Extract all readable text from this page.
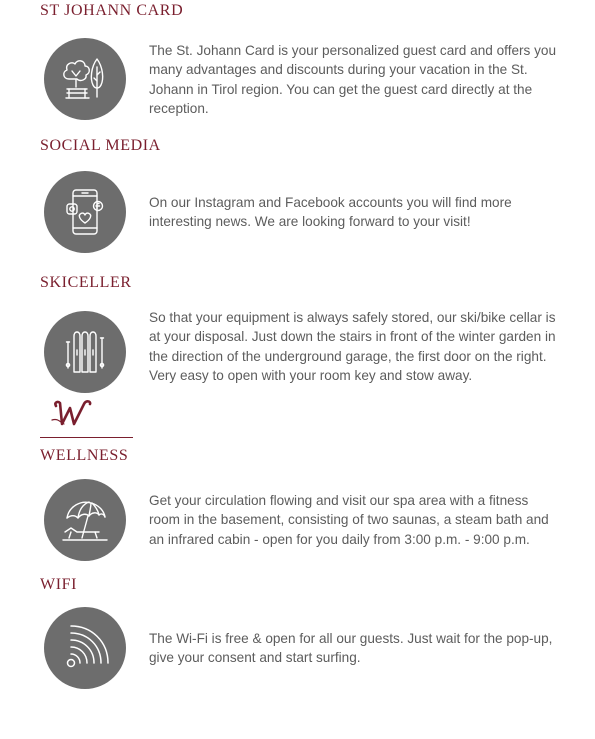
ST JOHANN CARD

The St. Johann Card is your personalized guest card and offers you many advantages and discounts during your vacation in the St. Johann in Tirol region. You can get the guest card directly at the reception.

SOCIAL MEDIA

On our Instagram and Facebook accounts you will find more interesting news. We are looking forward to your visit!

SKICELLER

So that your equipment is always safely stored, our ski/bike cellar is at your disposal. Just down the stairs in front of the winter garden in the direction of the underground garage, the first door on the right. Very easy to open with your room key and stow away.

WELLNESS

Get your circulation flowing and visit our spa area with a fitness room in the basement, consisting of two saunas, a steam bath and an infrared cabin - open for you daily from 3:00 p.m. - 9:00 p.m.

WIFI

The Wi-Fi is free & open for all our guests. Just wait for the pop-up, give your consent and start surfing.
